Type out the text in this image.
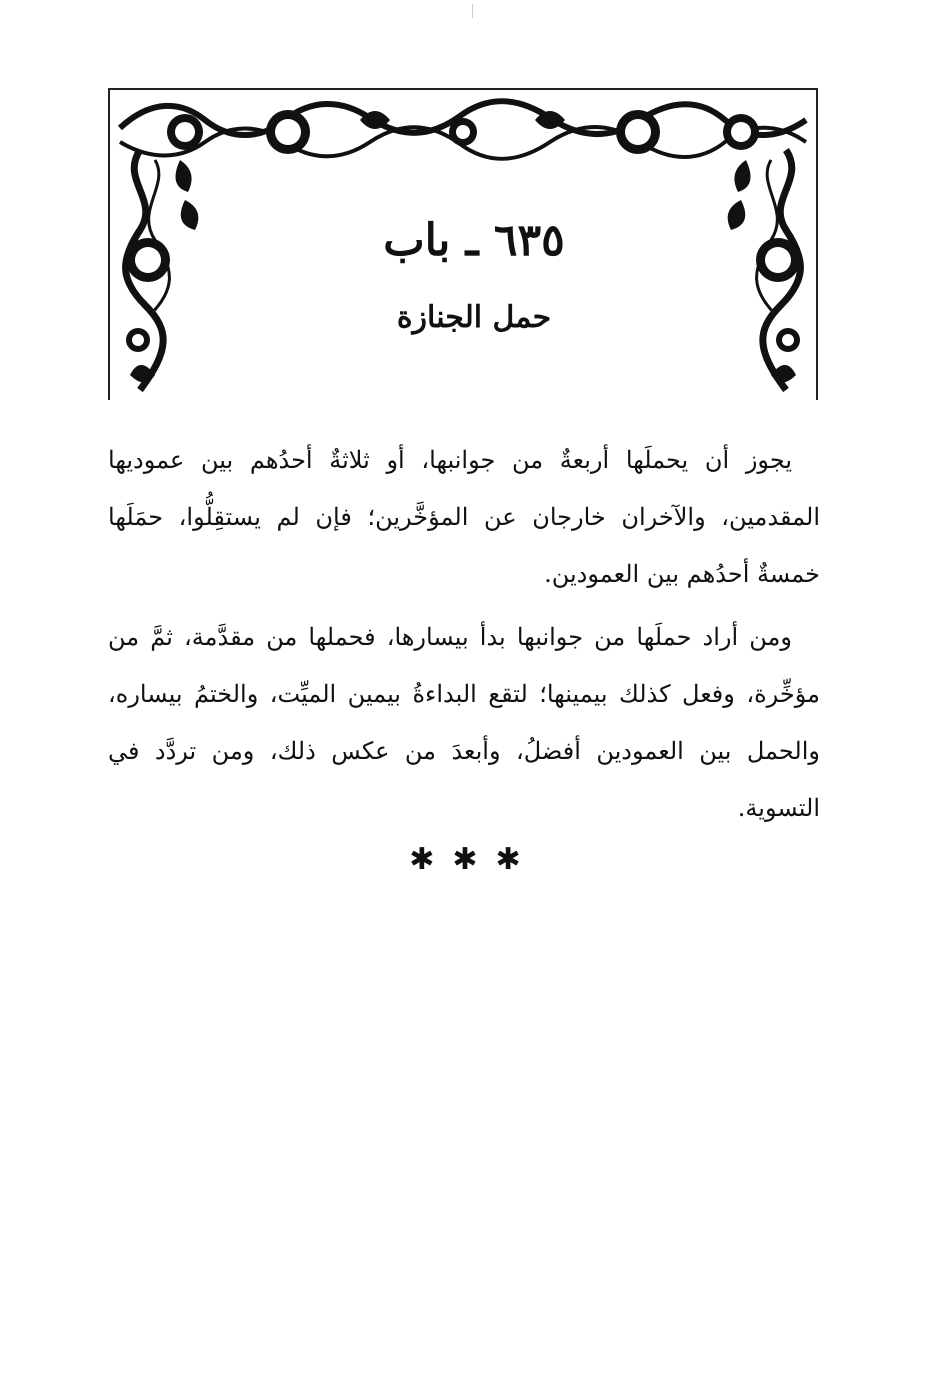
٦٣٥ ـ باب
حمل الجنازة

يجوز أن يحملَها أربعةٌ من جوانبها، أو ثلاثةٌ أحدُهم بين عموديها المقدمين، والآخران خارجان عن المؤخَّرين؛ فإن لم يستقِلُّوا، حمَلَها خمسةٌ أحدُهم بين العمودين.

ومن أراد حملَها من جوانبها بدأ بيسارها، فحملها من مقدَّمة، ثمَّ من مؤخِّرة، وفعل كذلك بيمينها؛ لتقع البداءةُ بيمين الميِّت، والختمُ بيساره، والحمل بين العمودين أفضلُ، وأبعدَ من عكس ذلك، ومن تردَّد في التسوية.

✱✱✱
